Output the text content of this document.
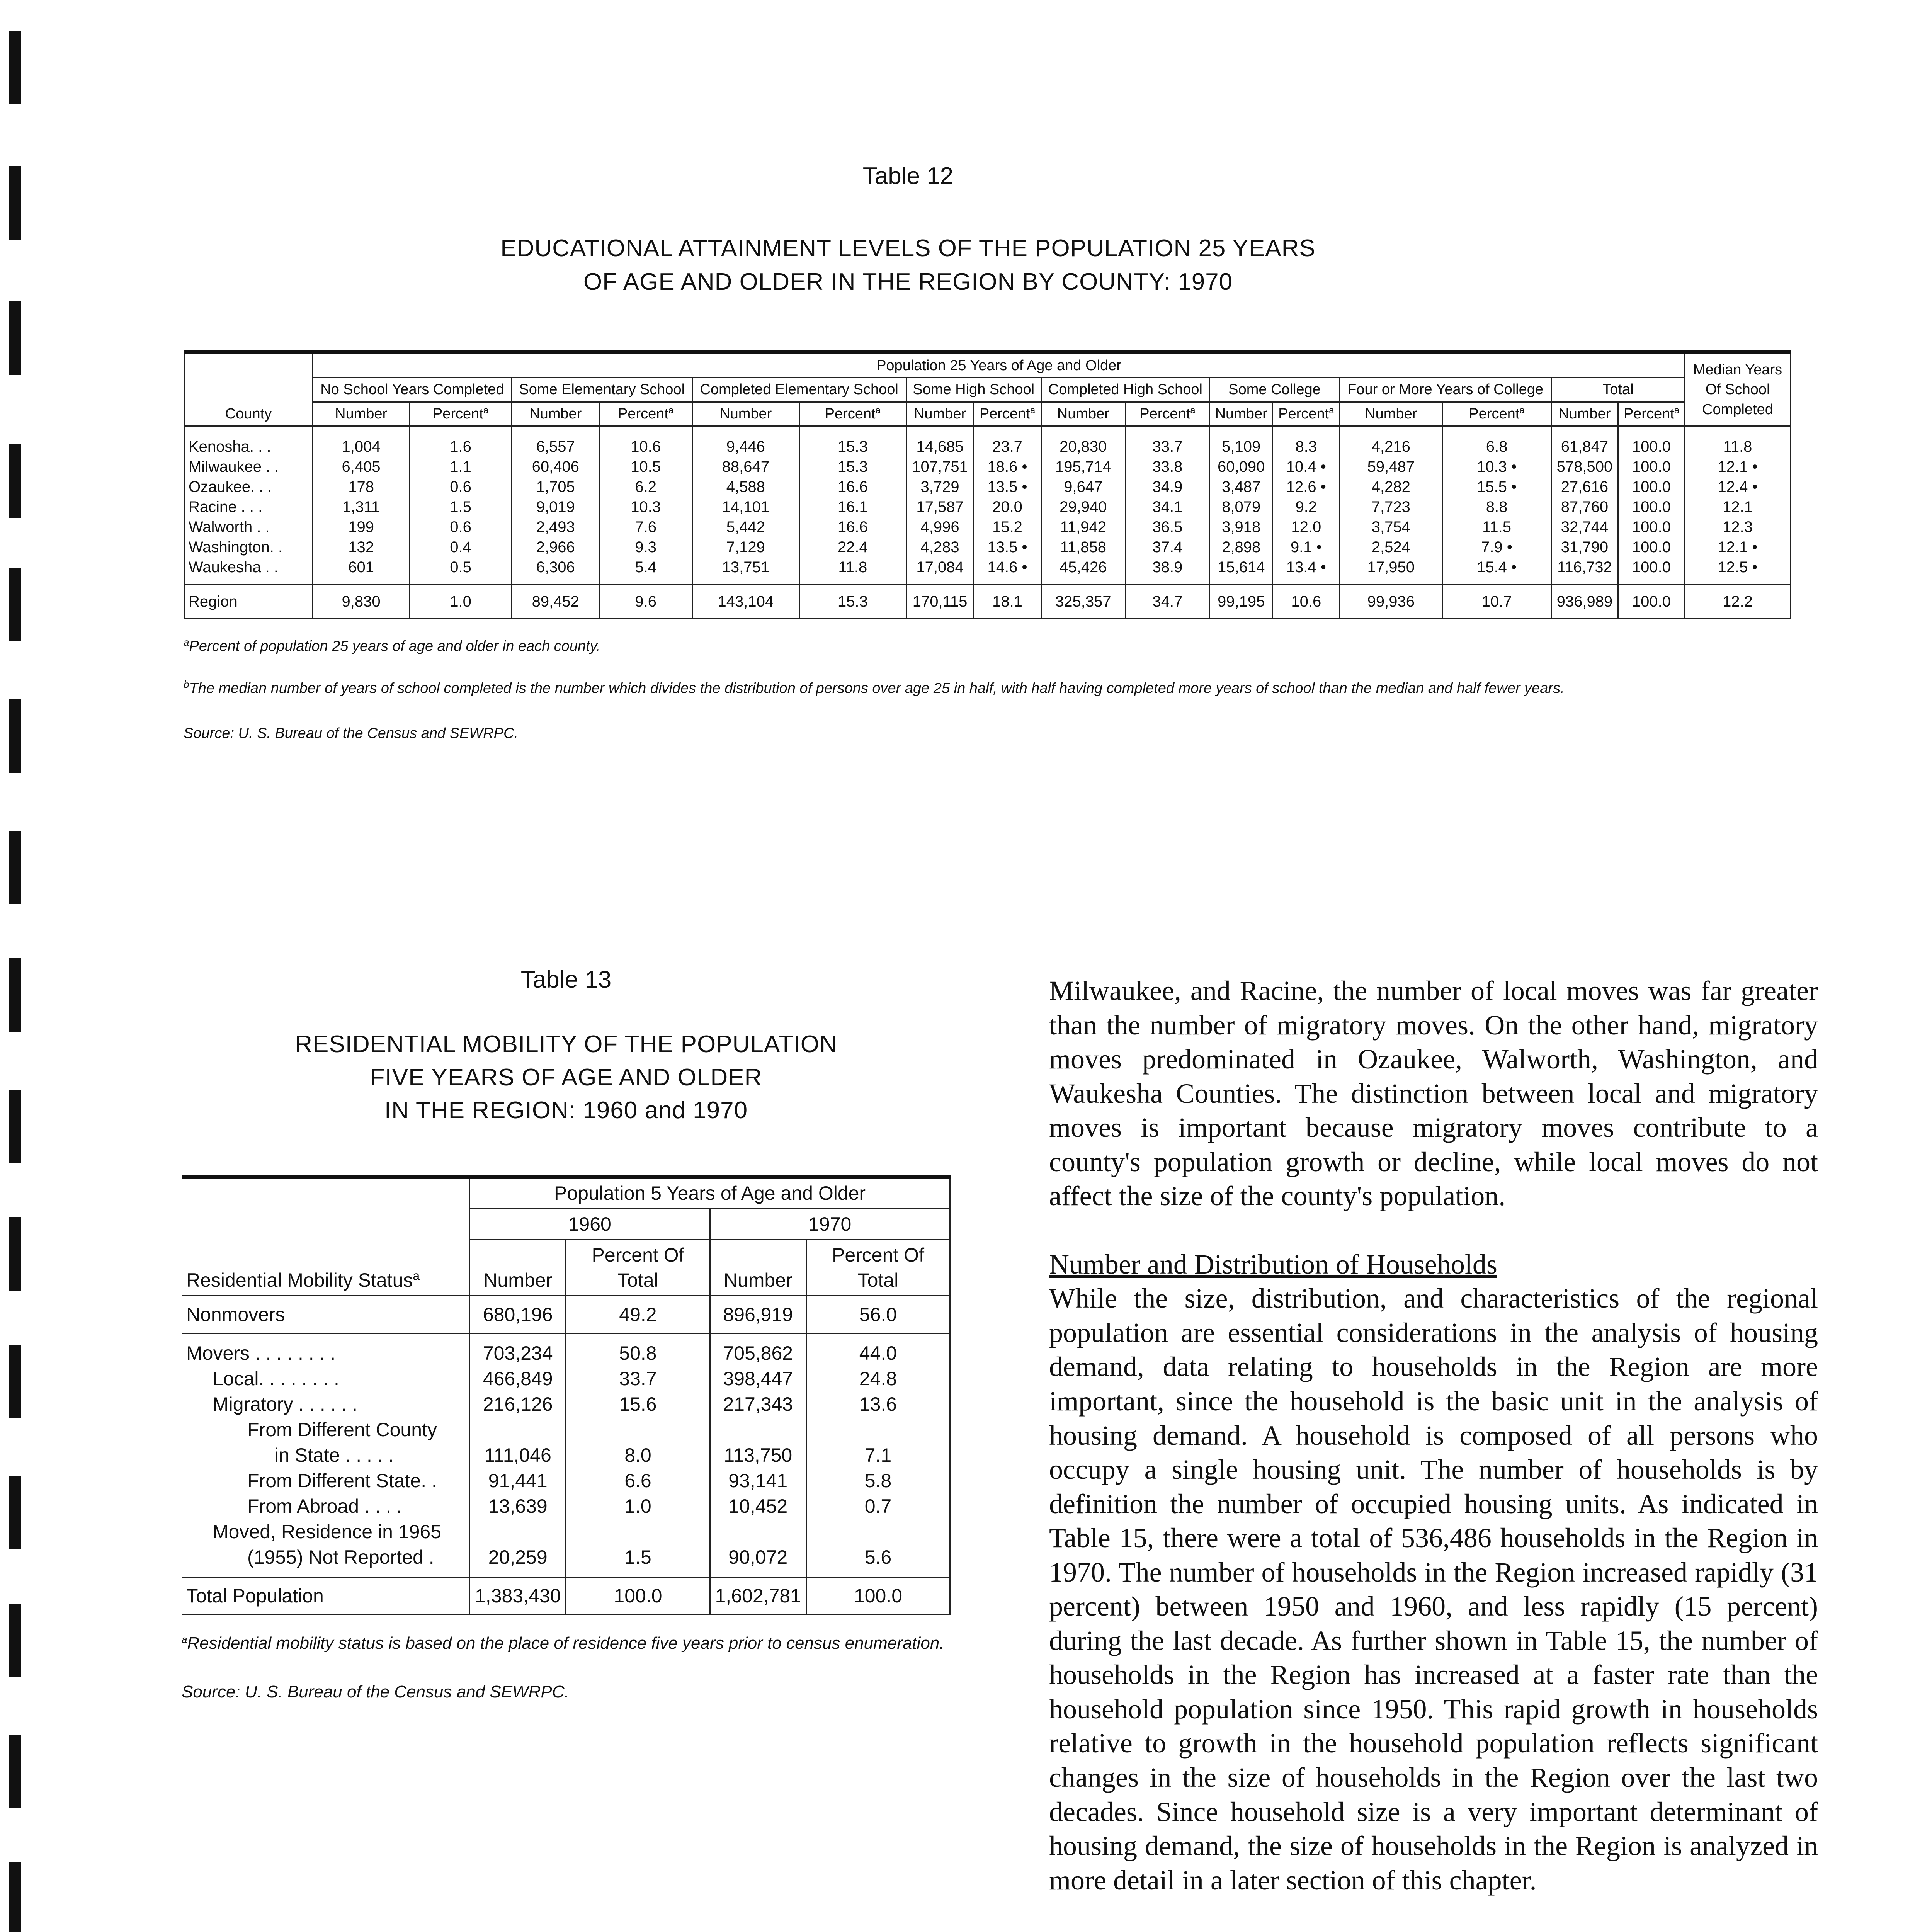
Table 12
EDUCATIONAL ATTAINMENT LEVELS OF THE POPULATION 25 YEARS
OF AGE AND OLDER IN THE REGION BY COUNTY: 1970
County	Population 25 Years of Age and Older																Median Years Of School Completed
	No School Years Completed		Some Elementary School		Completed Elementary School		Some High School		Completed High School		Some College		Four or More Years of College		Total		
	Number	Percent$^a$	Number	Percent$^a$	Number	Percent$^a$	Number	Percent$^a$	Number	Percent$^a$	Number	Percent$^a$	Number	Percent$^a$	Number	Percent$^a$
Kenosha. . .	1,004	1.6	6,557	10.6	9,446	15.3	14,685	23.7	20,830	33.7	5,109	8.3	4,216	6.8	61,847	100.0	11.8
Milwaukee . .	6,405	1.1	60,406	10.5	88,647	15.3	107,751	18.6 •	195,714	33.8	60,090	10.4 •	59,487	10.3 •	578,500	100.0	12.1 •
Ozaukee. . .	178	0.6	1,705	6.2	4,588	16.6	3,729	13.5 •	9,647	34.9	3,487	12.6 •	4,282	15.5 •	27,616	100.0	12.4 •
Racine . . .	1,311	1.5	9,019	10.3	14,101	16.1	17,587	20.0	29,940	34.1	8,079	9.2	7,723	8.8	87,760	100.0	12.1
Walworth . .	199	0.6	2,493	7.6	5,442	16.6	4,996	15.2	11,942	36.5	3,918	12.0	3,754	11.5	32,744	100.0	12.3
Washington. .	132	0.4	2,966	9.3	7,129	22.4	4,283	13.5 •	11,858	37.4	2,898	9.1 •	2,524	7.9 •	31,790	100.0	12.1 •
Waukesha . .	601	0.5	6,306	5.4	13,751	11.8	17,084	14.6 •	45,426	38.9	15,614	13.4 •	17,950	15.4 •	116,732	100.0	12.5 •
Region	9,830	1.0	89,452	9.6	143,104	15.3	170,115	18.1	325,357	34.7	99,195	10.6	99,936	10.7	936,989	100.0	12.2
$^a$Percent of population 25 years of age and older in each county.
$^b$The median number of years of school completed is the number which divides the distribution of persons over age 25 in half, with half having completed more years of school than the median and half fewer years.
Source: U. S. Bureau of the Census and SEWRPC.
Table 13
RESIDENTIAL MOBILITY OF THE POPULATION
FIVE YEARS OF AGE AND OLDER
IN THE REGION: 1960 and 1970
Residential Mobility Status$^a$	Population 5 Years of Age and Older			
	1960		1970	
	Number	Percent Of Total	Number	Percent Of Total
Nonmovers	680,196	49.2	896,919	56.0
Movers . . . . . . . .	703,234	50.8	705,862	44.0
Local. . . . . . . .	466,849	33.7	398,447	24.8
Migratory . . . . . .	216,126	15.6	217,343	13.6
From Different County				
in State . . . . .	111,046	8.0	113,750	7.1
From Different State. .	91,441	6.6	93,141	5.8
From Abroad . . . .	13,639	1.0	10,452	0.7
Moved, Residence in 1965				
(1955) Not Reported .	20,259	1.5	90,072	5.6
Total Population	1,383,430	100.0	1,602,781	100.0
$^a$Residential mobility status is based on the place of residence five years prior to census enumeration.
Source: U. S. Bureau of the Census and SEWRPC.

Milwaukee, and Racine, the number of local moves was far greater than the number of migratory moves. On the other hand, migratory moves predominated in Ozaukee, Walworth, Washington, and Waukesha Counties. The distinction between local and migratory moves is important because migratory moves contribute to a county's population growth or decline, while local moves do not affect the size of the county's population.

Number and Distribution of Households

While the size, distribution, and characteristics of the regional population are essential considerations in the analysis of housing demand, data relating to households in the Region are more important, since the household is the basic unit in the analysis of housing demand. A household is composed of all persons who occupy a single housing unit. The number of households is by definition the number of occupied housing units. As indicated in Table 15, there were a total of 536,486 households in the Region in 1970. The number of households in the Region increased rapidly (31 percent) between 1950 and 1960, and less rapidly (15 percent) during the last decade. As further shown in Table 15, the number of households in the Region has increased at a faster rate than the household population since 1950. This rapid growth in households relative to growth in the household population reflects significant changes in the size of households in the Region over the last two decades. Since household size is a very important determinant of housing demand, the size of households in the Region is analyzed in more detail in a later section of this chapter.
